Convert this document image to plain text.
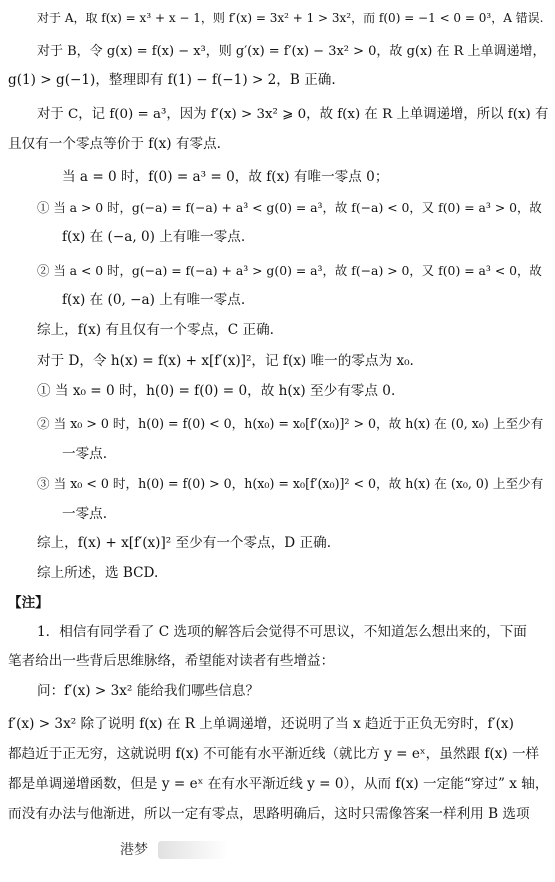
对于 A，取 f(x) = x³ + x − 1，则 f′(x) = 3x² + 1 > 3x²，而 f(0) = −1 < 0 = 0³，A 错误.
对于 B，令 g(x) = f(x) − x³，则 g′(x) = f′(x) − 3x² > 0，故 g(x) 在 R 上单调递增，
g(1) > g(−1)，整理即有 f(1) − f(−1) > 2，B 正确.
对于 C，记 f(0) = a³，因为 f′(x) > 3x² ⩾ 0，故 f(x) 在 R 上单调递增，所以 f(x) 有
且仅有一个零点等价于 f(x) 有零点.
当 a = 0 时，f(0) = a³ = 0，故 f(x) 有唯一零点 0；
① 当 a > 0 时，g(−a) = f(−a) + a³ < g(0) = a³，故 f(−a) < 0，又 f(0) = a³ > 0，故
f(x) 在 (−a, 0) 上有唯一零点.
② 当 a < 0 时，g(−a) = f(−a) + a³ > g(0) = a³，故 f(−a) > 0，又 f(0) = a³ < 0，故
f(x) 在 (0, −a) 上有唯一零点.
综上，f(x) 有且仅有一个零点，C 正确.
对于 D，令 h(x) = f(x) + x[f′(x)]²，记 f(x) 唯一的零点为 x₀.
① 当 x₀ = 0 时，h(0) = f(0) = 0，故 h(x) 至少有零点 0.
② 当 x₀ > 0 时，h(0) = f(0) < 0，h(x₀) = x₀[f′(x₀)]² > 0，故 h(x) 在 (0, x₀) 上至少有
一零点.
③ 当 x₀ < 0 时，h(0) = f(0) > 0，h(x₀) = x₀[f′(x₀)]² < 0，故 h(x) 在 (x₀, 0) 上至少有
一零点.
综上，f(x) + x[f′(x)]² 至少有一个零点，D 正确.
综上所述，选 BCD.
【注】
1．相信有同学看了 C 选项的解答后会觉得不可思议，不知道怎么想出来的，下面
笔者给出一些背后思维脉络，希望能对读者有些增益：
问：f′(x) > 3x² 能给我们哪些信息？
f′(x) > 3x² 除了说明 f(x) 在 R 上单调递增，还说明了当 x 趋近于正负无穷时，f′(x)
都趋近于正无穷，这就说明 f(x) 不可能有水平渐近线（就比方 y = eˣ，虽然跟 f(x) 一样
都是单调递增函数，但是 y = eˣ 在有水平渐近线 y = 0），从而 f(x) 一定能“穿过” x 轴，
而没有办法与他渐进，所以一定有零点，思路明确后，这时只需像答案一样利用 B 选项
港梦
